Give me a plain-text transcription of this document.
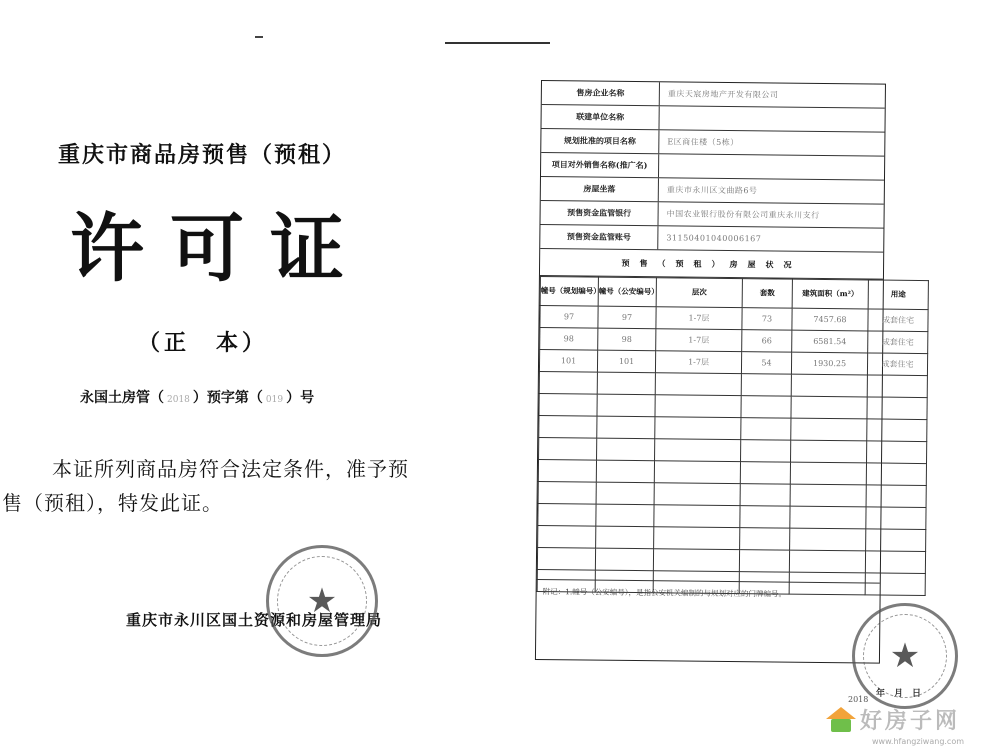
重庆市商品房预售（预租）
许可证
（正　本）
永国土房管（ 2018 ）预字第（ 019 ）号
本证所列商品房符合法定条件，准予预售（预租），特发此证。
重庆市永川区国土资源和房屋管理局
★
售房企业名称	重庆天宸房地产开发有限公司
联建单位名称
规划批准的项目名称	E区商住楼（5栋）
项目对外销售名称(推广名)
房屋坐落	重庆市永川区文曲路6号
预售资金监管银行	中国农业银行股份有限公司重庆永川支行
预售资金监管账号	31150401040006167
预售（预租）房屋状况
幢号（规划编号）	幢号（公安编号）	层次	套数	建筑面积（m²）	用途
97	97	1-7层	73	7457.68	成套住宅
98	98	1-7层	66	6581.54	成套住宅
101	101	1-7层	54	1930.25	成套住宅

附记：1.幢号（公安编号），是指公安机关编制的与规划对应的门牌编号。
★
年　月　日
2018
好房子网
www.hfangziwang.com
